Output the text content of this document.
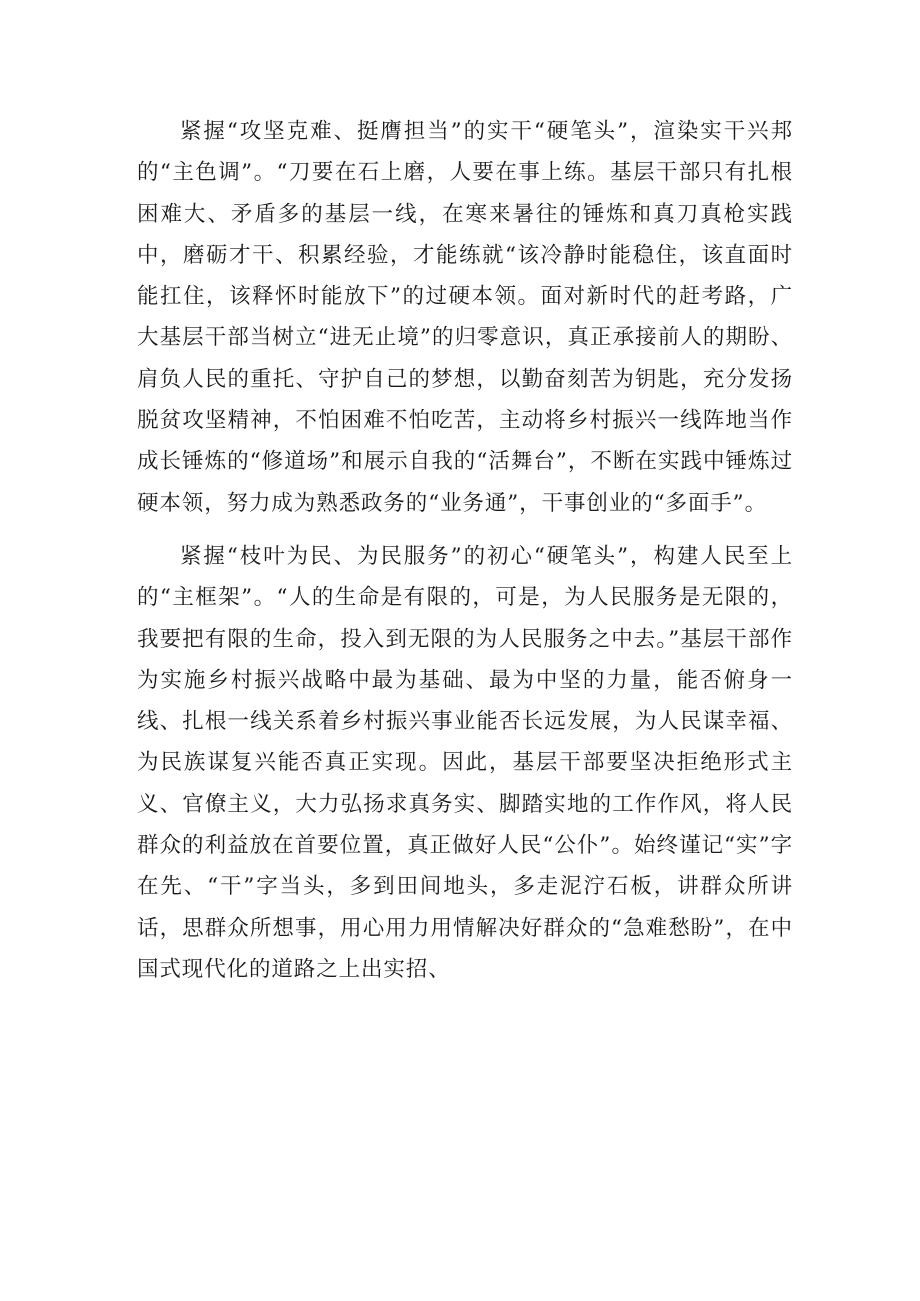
紧握“攻坚克难、挺膺担当”的实干“硬笔头”，渲染实干兴邦的“主色调”。“刀要在石上磨，人要在事上练。基层干部只有扎根困难大、矛盾多的基层一线，在寒来暑往的锤炼和真刀真枪实践中，磨砺才干、积累经验，才能练就“该冷静时能稳住，该直面时能扛住，该释怀时能放下”的过硬本领。面对新时代的赶考路，广大基层干部当树立“进无止境”的归零意识，真正承接前人的期盼、肩负人民的重托、守护自己的梦想，以勤奋刻苦为钥匙，充分发扬脱贫攻坚精神，不怕困难不怕吃苦，主动将乡村振兴一线阵地当作成长锤炼的“修道场”和展示自我的“活舞台”，不断在实践中锤炼过硬本领，努力成为熟悉政务的“业务通”，干事创业的“多面手”。

紧握“枝叶为民、为民服务”的初心“硬笔头”，构建人民至上的“主框架”。“人的生命是有限的，可是，为人民服务是无限的，我要把有限的生命，投入到无限的为人民服务之中去。”基层干部作为实施乡村振兴战略中最为基础、最为中坚的力量，能否俯身一线、扎根一线关系着乡村振兴事业能否长远发展，为人民谋幸福、为民族谋复兴能否真正实现。因此，基层干部要坚决拒绝形式主义、官僚主义，大力弘扬求真务实、脚踏实地的工作作风，将人民群众的利益放在首要位置，真正做好人民“公仆”。始终谨记“实”字在先、“干”字当头，多到田间地头，多走泥泞石板，讲群众所讲话，思群众所想事，用心用力用情解决好群众的“急难愁盼”，在中国式现代化的道路之上出实招、
